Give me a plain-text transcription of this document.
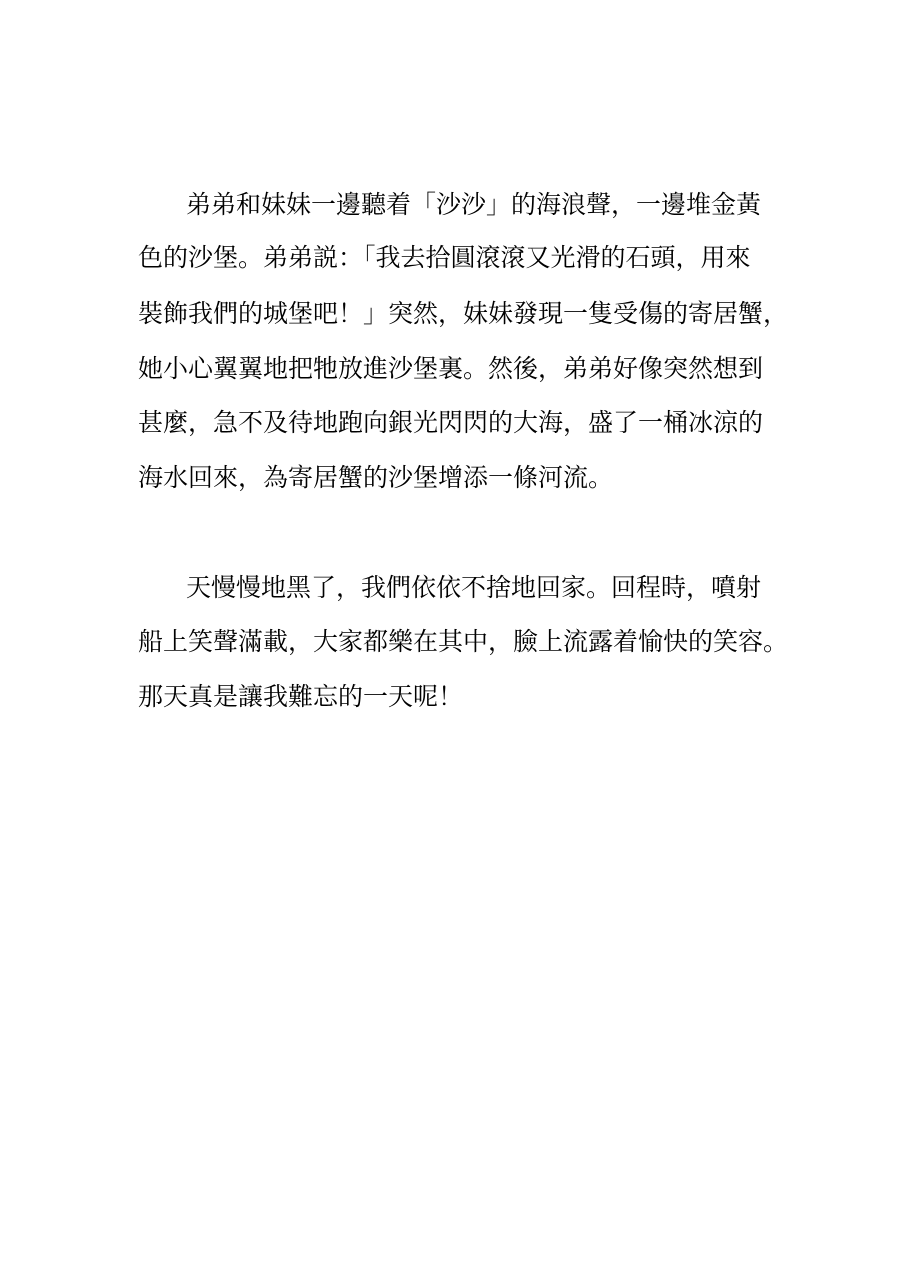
弟弟和妹妹一邊聽着「沙沙」的海浪聲，一邊堆金黃
色的沙堡。弟弟説：「我去拾圓滾滾又光滑的石頭，用來
裝飾我們的城堡吧！」突然，妹妹發現一隻受傷的寄居蟹，
她小心翼翼地把牠放進沙堡裏。然後，弟弟好像突然想到
甚麼，急不及待地跑向銀光閃閃的大海，盛了一桶冰涼的
海水回來，為寄居蟹的沙堡增添一條河流。
天慢慢地黑了，我們依依不捨地回家。回程時，噴射
船上笑聲滿載，大家都樂在其中，臉上流露着愉快的笑容。
那天真是讓我難忘的一天呢！
